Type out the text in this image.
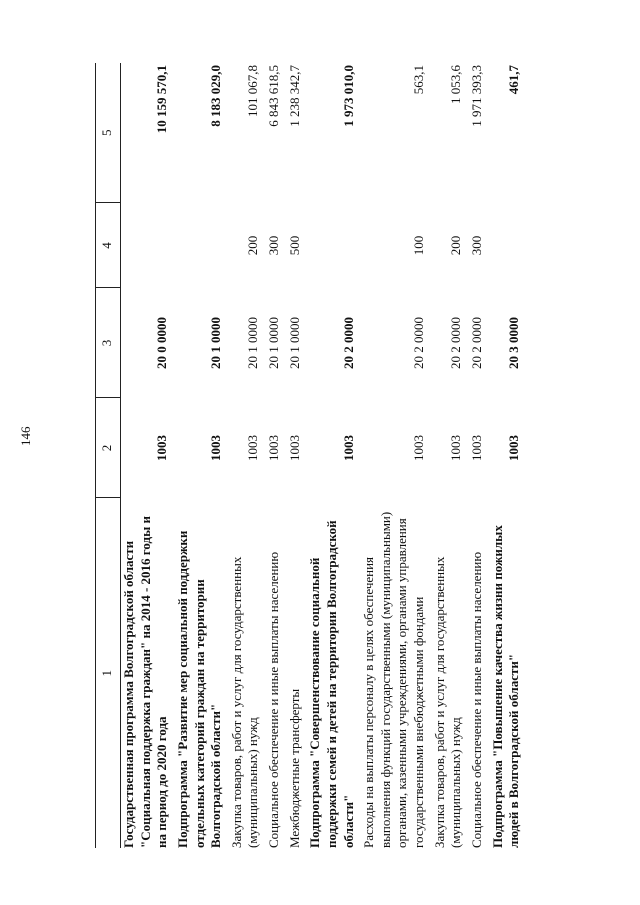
146
1	2	3	4	5
Государственная программа Волгоградской области "Социальная поддержка граждан" на 2014 - 2016 годы и на период до 2020 года	1003	20 0 0000		10 159 570,1
Подпрограмма "Развитие мер социальной поддержки отдельных категорий граждан на территории Волгоградской области"	1003	20 1 0000		8 183 029,0
Закупка товаров, работ и услуг для государственных (муниципальных) нужд	1003	20 1 0000	200	101 067,8
Социальное обеспечение и иные выплаты населению	1003	20 1 0000	300	6 843 618,5
Межбюджетные трансферты	1003	20 1 0000	500	1 238 342,7
Подпрограмма "Совершенствование социальной поддержки семей и детей на территории Волгоградской области"	1003	20 2 0000		1 973 010,0
Расходы на выплаты персоналу в целях обеспечения выполнения функций государственными (муниципальными) органами, казенными учреждениями, органами управления государственными внебюджетными фондами	1003	20 2 0000	100	563,1
Закупка товаров, работ и услуг для государственных (муниципальных) нужд	1003	20 2 0000	200	1 053,6
Социальное обеспечение и иные выплаты населению	1003	20 2 0000	300	1 971 393,3
Подпрограмма "Повышение качества жизни пожилых людей в Волгоградской области"	1003	20 3 0000		461,7
